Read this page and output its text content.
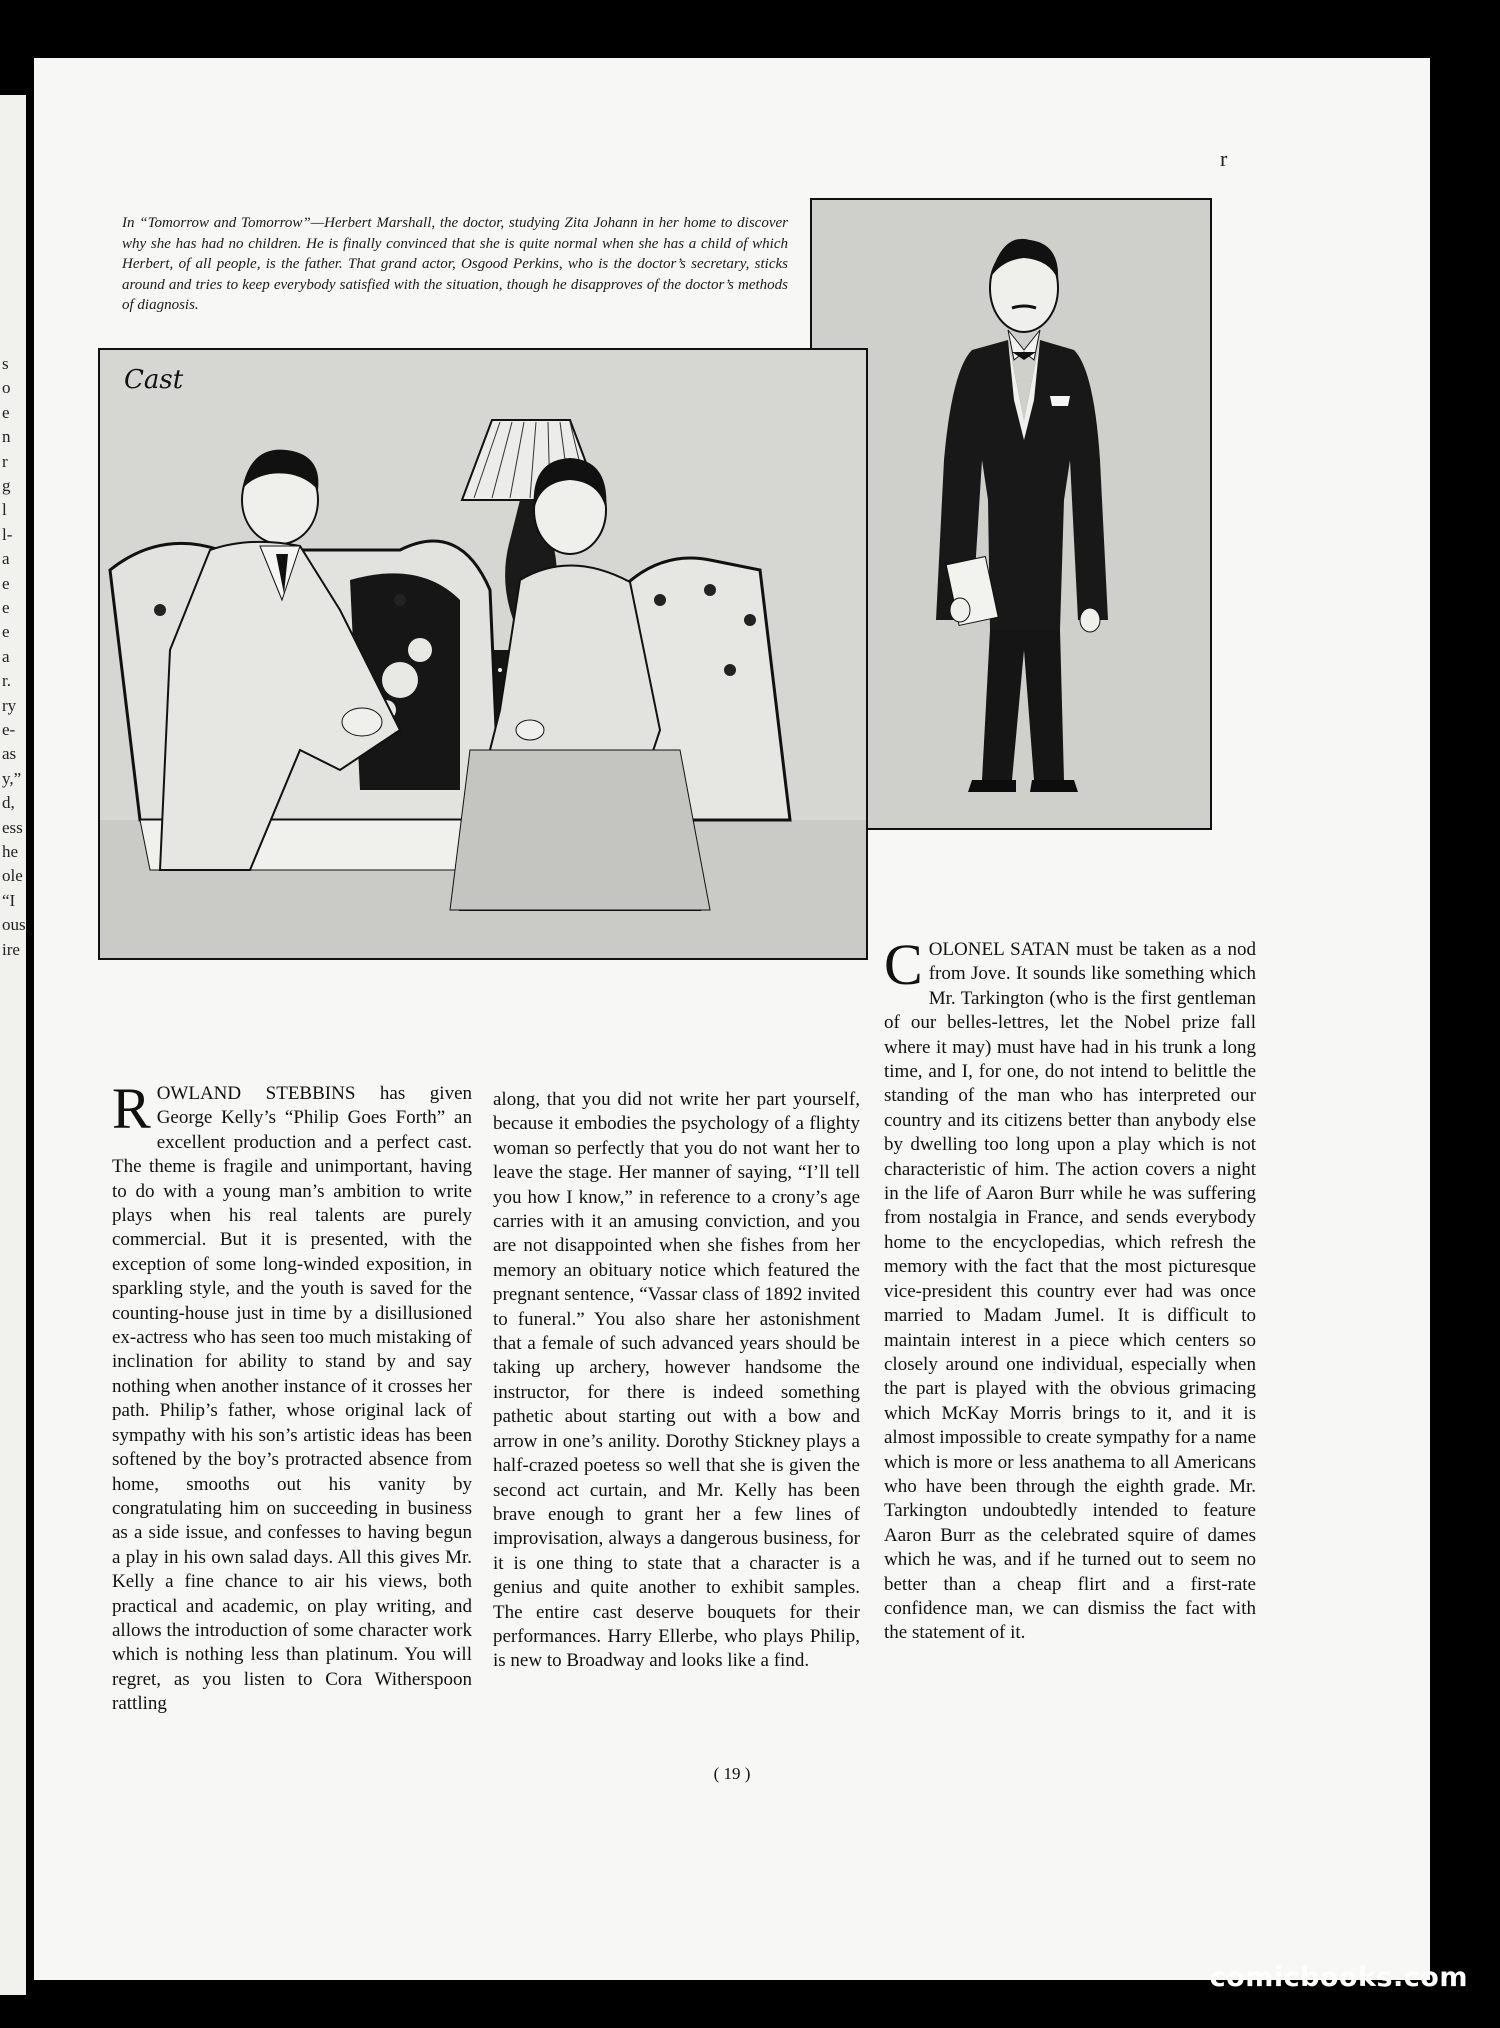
s
o
e
n
r
g
l
l-
a
e
e
e
a
r.
ry
e-
as
y,”
d,
ess
he
ole
“I
ous
ire
r

In “Tomorrow and Tomorrow”—Herbert Marshall, the doctor, studying Zita Johann in her home to discover why she has had no children. He is finally convinced that she is quite normal when she has a child of which Herbert, of all people, is the father. That grand actor, Osgood Perkins, who is the doctor’s secretary, sticks around and tries to keep everybody satisfied with the situation, though he disapproves of the doctor’s methods of diagnosis.

Cast
ROWLAND STEBBINS has given George Kelly’s “Philip Goes Forth” an excellent production and a perfect cast. The theme is fragile and unimportant, having to do with a young man’s ambition to write plays when his real talents are purely commercial. But it is presented, with the exception of some long-winded exposition, in sparkling style, and the youth is saved for the counting-house just in time by a disillusioned ex-actress who has seen too much mistaking of inclination for ability to stand by and say nothing when another instance of it crosses her path. Philip’s father, whose original lack of sympathy with his son’s artistic ideas has been softened by the boy’s protracted absence from home, smooths out his vanity by congratulating him on succeeding in business as a side issue, and confesses to having begun a play in his own salad days. All this gives Mr. Kelly a fine chance to air his views, both practical and academic, on play writing, and allows the introduction of some character work which is nothing less than platinum. You will regret, as you listen to Cora Witherspoon rattling
along, that you did not write her part yourself, because it embodies the psychology of a flighty woman so perfectly that you do not want her to leave the stage. Her manner of saying, “I’ll tell you how I know,” in reference to a crony’s age carries with it an amusing conviction, and you are not disappointed when she fishes from her memory an obituary notice which featured the pregnant sentence, “Vassar class of 1892 invited to funeral.” You also share her astonishment that a female of such advanced years should be taking up archery, however handsome the instructor, for there is indeed something pathetic about starting out with a bow and arrow in one’s anility. Dorothy Stickney plays a half-crazed poetess so well that she is given the second act curtain, and Mr. Kelly has been brave enough to grant her a few lines of improvisation, always a dangerous business, for it is one thing to state that a character is a genius and quite another to exhibit samples. The entire cast deserve bouquets for their performances. Harry Ellerbe, who plays Philip, is new to Broadway and looks like a find.
COLONEL SATAN must be taken as a nod from Jove. It sounds like something which Mr. Tarkington (who is the first gentleman of our belles-lettres, let the Nobel prize fall where it may) must have had in his trunk a long time, and I, for one, do not intend to belittle the standing of the man who has interpreted our country and its citizens better than anybody else by dwelling too long upon a play which is not characteristic of him. The action covers a night in the life of Aaron Burr while he was suffering from nostalgia in France, and sends everybody home to the encyclopedias, which refresh the memory with the fact that the most picturesque vice-president this country ever had was once married to Madam Jumel. It is difficult to maintain interest in a piece which centers so closely around one individual, especially when the part is played with the obvious grimacing which McKay Morris brings to it, and it is almost impossible to create sympathy for a name which is more or less anathema to all Americans who have been through the eighth grade. Mr. Tarkington undoubtedly intended to feature Aaron Burr as the celebrated squire of dames which he was, and if he turned out to seem no better than a cheap flirt and a first-rate confidence man, we can dismiss the fact with the statement of it.
( 19 )
comicbooks.com
